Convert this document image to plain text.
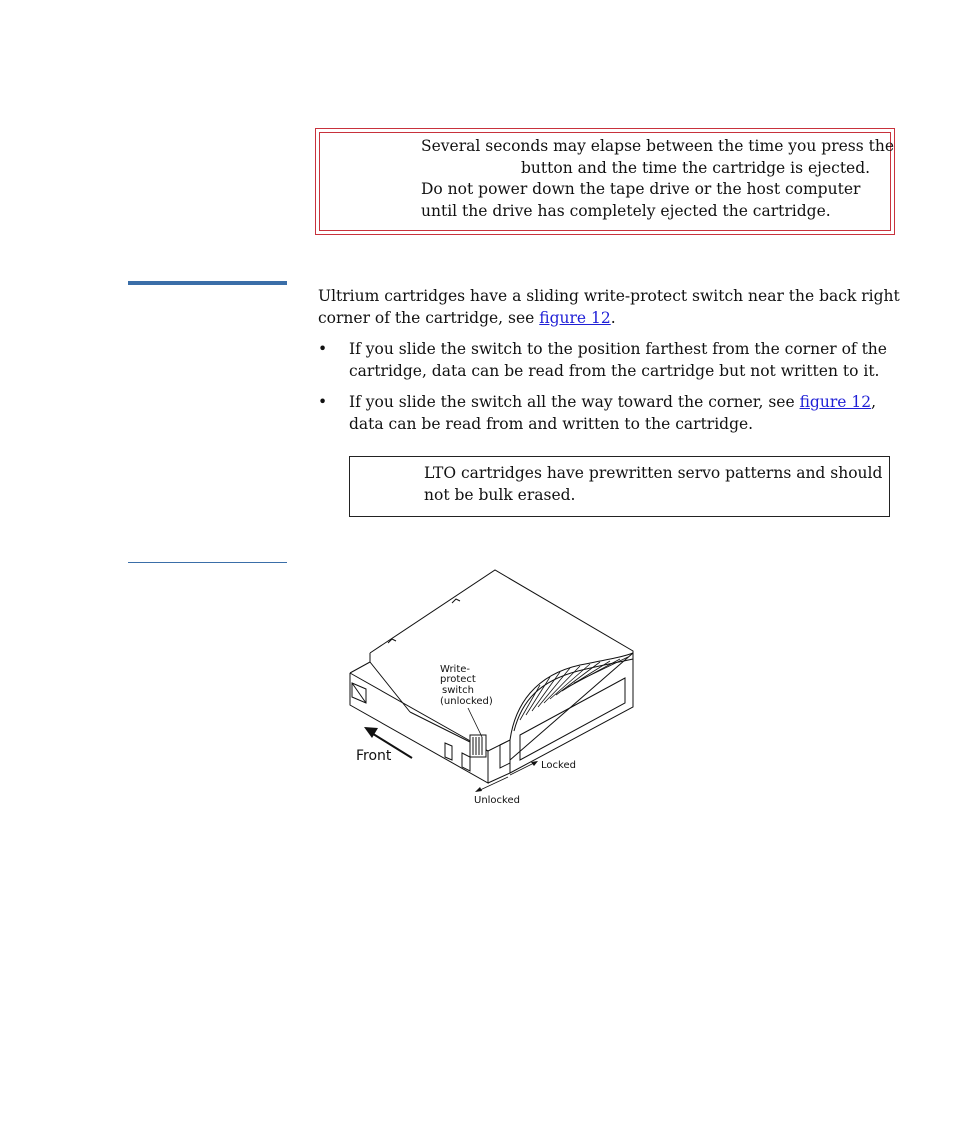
Several seconds may elapse between the time you press the
button and the time the cartridge is ejected.
Do not power down the tape drive or the host computer
until the drive has completely ejected the cartridge.
Ultrium cartridges have a sliding write-protect switch near the back right
corner of the cartridge, see figure 12.
• If you slide the switch to the position farthest from the corner of the
cartridge, data can be read from the cartridge but not written to it.
• If you slide the switch all the way toward the corner, see figure 12,
data can be read from and written to the cartridge.
LTO cartridges have prewritten servo patterns and should
not be bulk erased.
Write-
protect
switch
(unlocked)
Front
Locked
Unlocked
